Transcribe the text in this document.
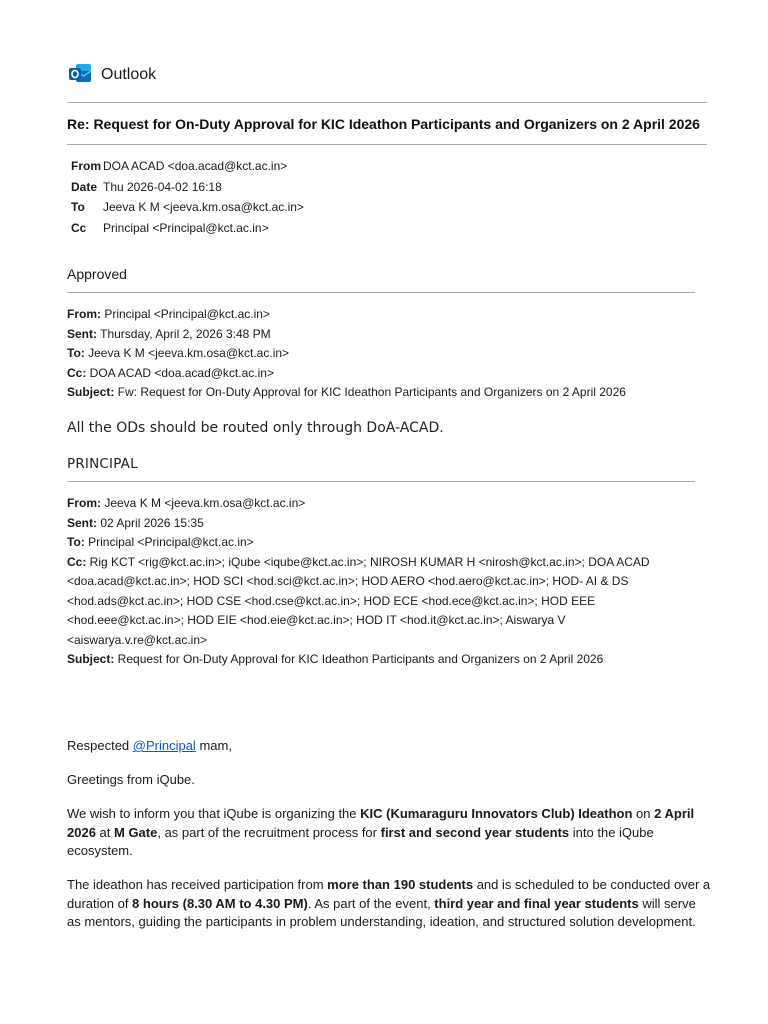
Outlook
Re: Request for On-Duty Approval for KIC Ideathon Participants and Organizers on 2 April 2026
From DOA ACAD <doa.acad@kct.ac.in>
Date Thu 2026-04-02 16:18
To	Jeeva K M <jeeva.km.osa@kct.ac.in>
Cc	Principal <Principal@kct.ac.in>
Approved
From: Principal <Principal@kct.ac.in>
Sent: Thursday, April 2, 2026 3:48 PM
To: Jeeva K M <jeeva.km.osa@kct.ac.in>
Cc: DOA ACAD <doa.acad@kct.ac.in>
Subject: Fw: Request for On-Duty Approval for KIC Ideathon Participants and Organizers on 2 April 2026
All the ODs should be routed only through DoA-ACAD.
PRINCIPAL
From: Jeeva K M <jeeva.km.osa@kct.ac.in>
Sent: 02 April 2026 15:35
To: Principal <Principal@kct.ac.in>
Cc: Rig KCT <rig@kct.ac.in>; iQube <iqube@kct.ac.in>; NIROSH KUMAR H <nirosh@kct.ac.in>; DOA ACAD
<doa.acad@kct.ac.in>; HOD SCI <hod.sci@kct.ac.in>; HOD AERO <hod.aero@kct.ac.in>; HOD- AI & DS
<hod.ads@kct.ac.in>; HOD CSE <hod.cse@kct.ac.in>; HOD ECE <hod.ece@kct.ac.in>; HOD EEE
<hod.eee@kct.ac.in>; HOD EIE <hod.eie@kct.ac.in>; HOD IT <hod.it@kct.ac.in>; Aiswarya V
<aiswarya.v.re@kct.ac.in>
Subject: Request for On-Duty Approval for KIC Ideathon Participants and Organizers on 2 April 2026
Respected @Principal mam,
Greetings from iQube.
We wish to inform you that iQube is organizing the KIC (Kumaraguru Innovators Club) Ideathon on 2 April 2026 at M Gate, as part of the recruitment process for first and second year students into the iQube ecosystem.
The ideathon has received participation from more than 190 students and is scheduled to be conducted over a duration of 8 hours (8.30 AM to 4.30 PM). As part of the event, third year and final year students will serve as mentors, guiding the participants in problem understanding, ideation, and structured solution development.
